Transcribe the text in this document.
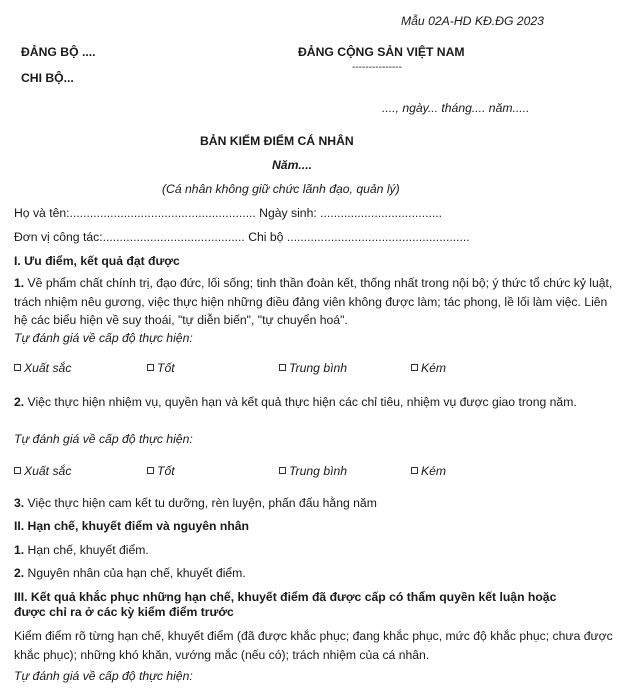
Mẫu 02A-HD KĐ.ĐG 2023
ĐẢNG BỘ ....
CHI BỘ...
ĐẢNG CỘNG SẢN VIỆT NAM
---------------
...., ngày... tháng.... năm.....
BẢN KIỂM ĐIỂM CÁ NHÂN
Năm....
(Cá nhân không giữ chức lãnh đạo, quản lý)
Họ và tên:....................................................... Ngày sinh: ....................................
Đơn vị công tác:.......................................... Chi bộ ......................................................
I. Ưu điểm, kết quả đạt được
1. Về phẩm chất chính trị, đạo đức, lối sống; tinh thần đoàn kết, thống nhất trong nội bộ; ý thức tổ chức kỷ luật, trách nhiệm nêu gương, việc thực hiện những điều đảng viên không được làm; tác phong, lề lối làm việc. Liên hệ các biểu hiện về suy thoái, "tự diễn biến", "tự chuyển hoá".
Tự đánh giá về cấp độ thực hiện:
Xuất sắc	Tốt	Trung bình	Kém
2. Việc thực hiện nhiệm vụ, quyền hạn và kết quả thực hiện các chỉ tiêu, nhiệm vụ được giao trong năm.
Tự đánh giá về cấp độ thực hiện:
Xuất sắc	Tốt	Trung bình	Kém
3. Việc thực hiện cam kết tu dưỡng, rèn luyện, phấn đấu hằng năm
II. Hạn chế, khuyết điểm và nguyên nhân
1. Hạn chế, khuyết điểm.
2. Nguyên nhân của hạn chế, khuyết điểm.
III. Kết quả khắc phục những hạn chế, khuyết điểm đã được cấp có thẩm quyền kết luận hoặc được chỉ ra ở các kỳ kiểm điểm trước
Kiểm điểm rõ từng hạn chế, khuyết điểm (đã được khắc phục; đang khắc phục, mức độ khắc phục; chưa được khắc phục); những khó khăn, vướng mắc (nếu có); trách nhiệm của cá nhân.
Tự đánh giá về cấp độ thực hiện:
